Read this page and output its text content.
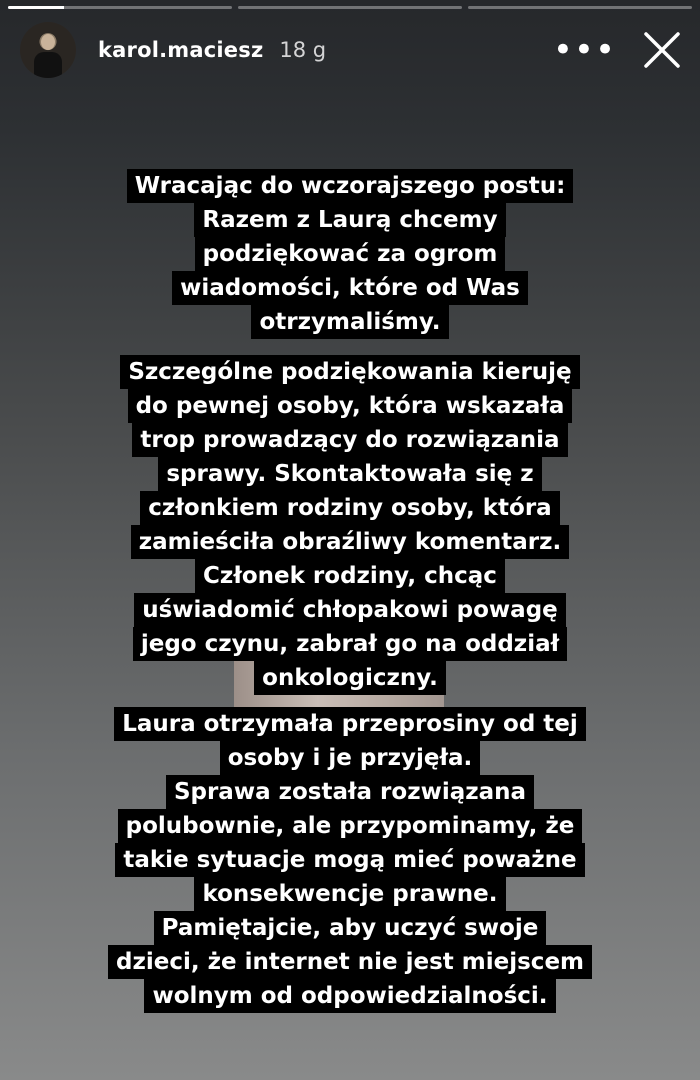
karol.maciesz 18 g	•••
Wracając do wczorajszego postu:
Razem z Laurą chcemy
podziękować za ogrom
wiadomości, które od Was
otrzymaliśmy.
Szczególne podziękowania kieruję
do pewnej osoby, która wskazała
trop prowadzący do rozwiązania
sprawy. Skontaktowała się z
członkiem rodziny osoby, która
zamieściła obraźliwy komentarz.
Członek rodziny, chcąc
uświadomić chłopakowi powagę
jego czynu, zabrał go na oddział
onkologiczny.
Laura otrzymała przeprosiny od tej
osoby i je przyjęła.
Sprawa została rozwiązana
polubownie, ale przypominamy, że
takie sytuacje mogą mieć poważne
konsekwencje prawne.
Pamiętajcie, aby uczyć swoje
dzieci, że internet nie jest miejscem
wolnym od odpowiedzialności.
